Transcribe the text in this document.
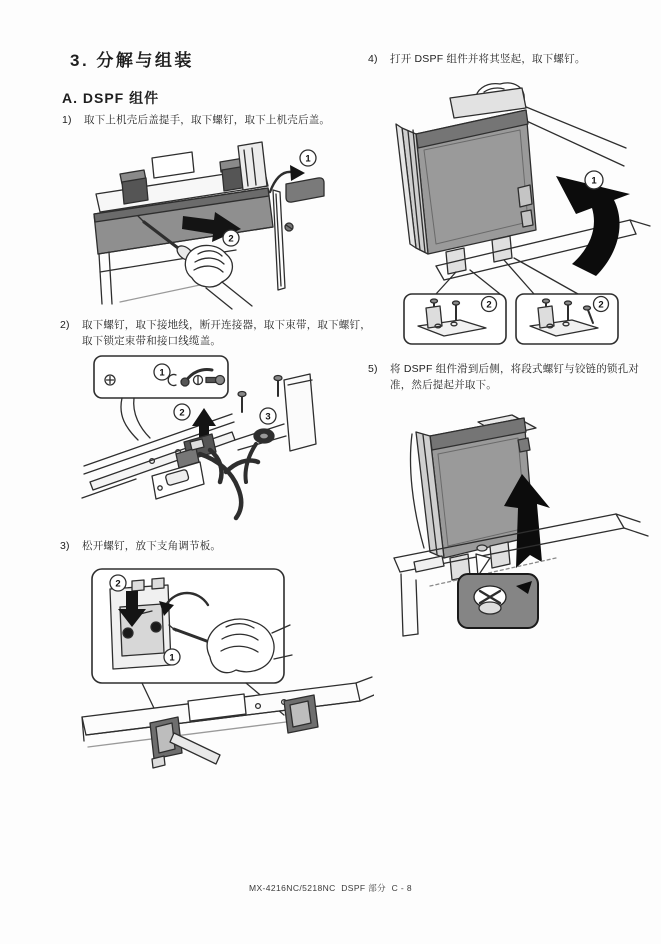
3. 分解与组装
A. DSPF 组件
1)	取下上机壳后盖提手，取下螺钉，取下上机壳后盖。
2)	取下螺钉，取下接地线，断开连接器，取下束带，取下螺钉，取下锁定束带和接口线缆盖。
3)	松开螺钉，放下支角调节板。
4)	打开 DSPF 组件并将其竖起，取下螺钉。
5)	将 DSPF 组件滑到后侧，将段式螺钉与铰链的锁孔对准，然后提起并取下。
1
2
1
2	3
2
1
1
2	2
MX-4216NC/5218NC  DSPF 部分  C - 8
